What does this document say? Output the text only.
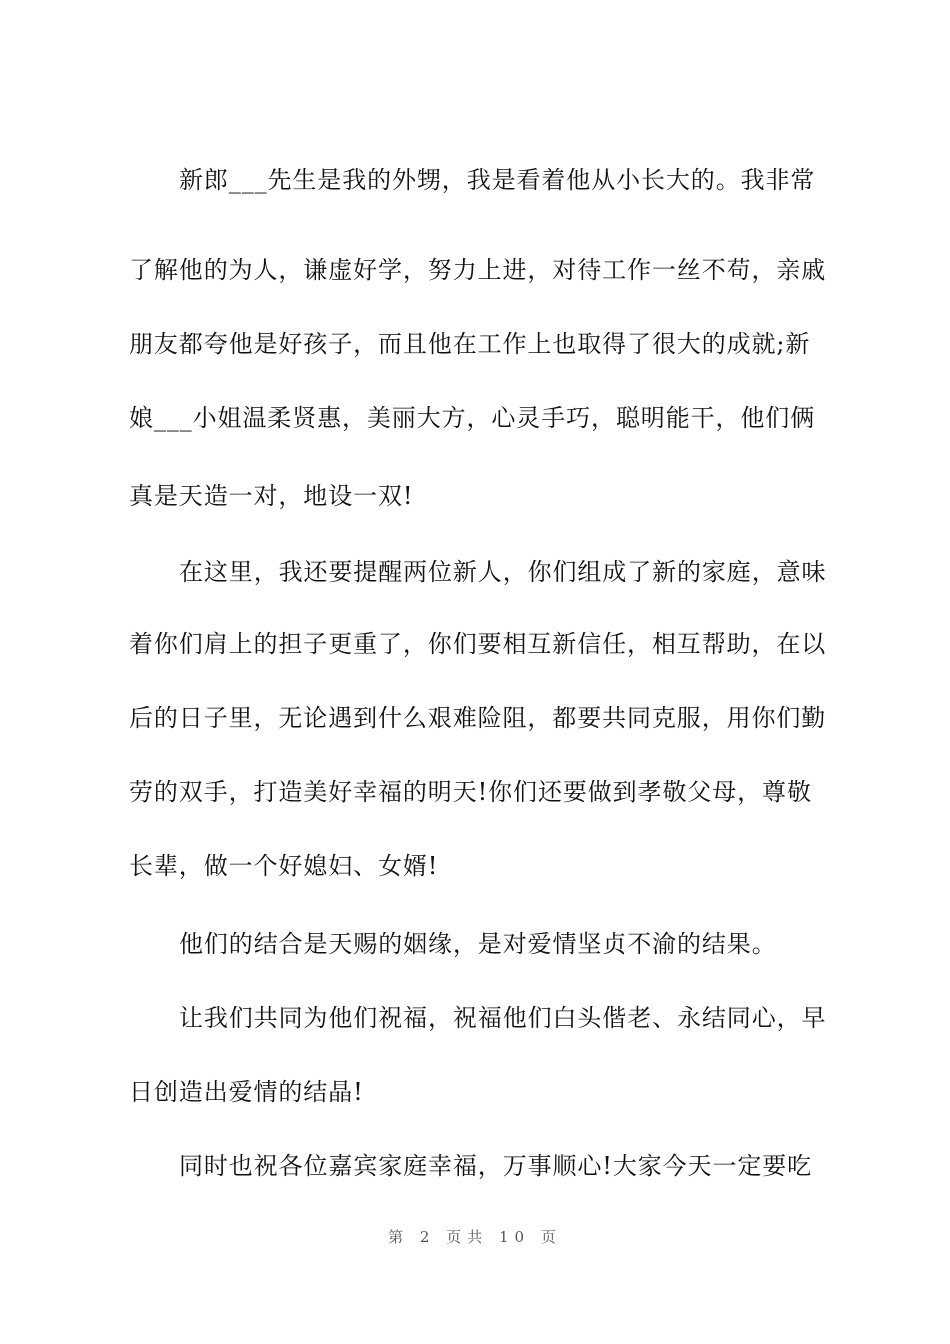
新郎___先生是我的外甥，我是看着他从小长大的。我非常
了解他的为人，谦虚好学，努力上进，对待工作一丝不苟，亲戚
朋友都夸他是好孩子，而且他在工作上也取得了很大的成就;新
娘___小姐温柔贤惠，美丽大方，心灵手巧，聪明能干，他们俩
真是天造一对，地设一双!
在这里，我还要提醒两位新人，你们组成了新的家庭，意味
着你们肩上的担子更重了，你们要相互新信任，相互帮助，在以
后的日子里，无论遇到什么艰难险阻，都要共同克服，用你们勤
劳的双手，打造美好幸福的明天!你们还要做到孝敬父母，尊敬
长辈，做一个好媳妇、女婿!
他们的结合是天赐的姻缘，是对爱情坚贞不渝的结果。
让我们共同为他们祝福，祝福他们白头偕老、永结同心，早
日创造出爱情的结晶!
同时也祝各位嘉宾家庭幸福，万事顺心!大家今天一定要吃
第 2 页共 10 页
